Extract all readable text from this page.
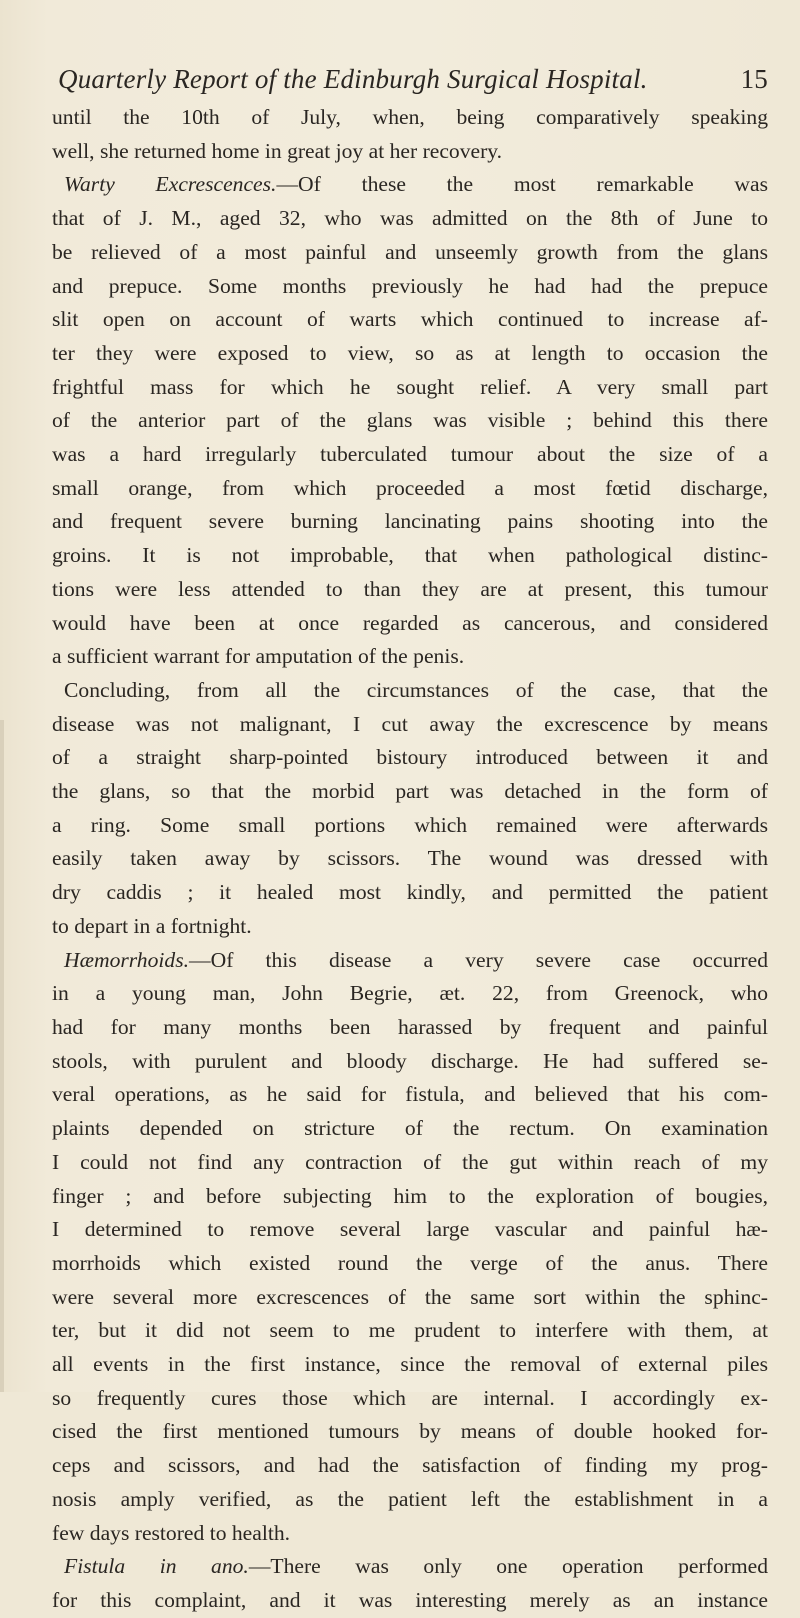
Quarterly Report of the Edinburgh Surgical Hospital.	15
until the 10th of July, when, being comparatively speaking
well, she returned home in great joy at her recovery.
Warty Excrescences.—Of these the most remarkable was
that of J. M., aged 32, who was admitted on the 8th of June to
be relieved of a most painful and unseemly growth from the glans
and prepuce. Some months previously he had had the prepuce
slit open on account of warts which continued to increase af-
ter they were exposed to view, so as at length to occasion the
frightful mass for which he sought relief. A very small part
of the anterior part of the glans was visible ; behind this there
was a hard irregularly tuberculated tumour about the size of a
small orange, from which proceeded a most fœtid discharge,
and frequent severe burning lancinating pains shooting into the
groins. It is not improbable, that when pathological distinc-
tions were less attended to than they are at present, this tumour
would have been at once regarded as cancerous, and considered
a sufficient warrant for amputation of the penis.
Concluding, from all the circumstances of the case, that the
disease was not malignant, I cut away the excrescence by means
of a straight sharp-pointed bistoury introduced between it and
the glans, so that the morbid part was detached in the form of
a ring. Some small portions which remained were afterwards
easily taken away by scissors. The wound was dressed with
dry caddis ; it healed most kindly, and permitted the patient
to depart in a fortnight.
Hæmorrhoids.—Of this disease a very severe case occurred
in a young man, John Begrie, æt. 22, from Greenock, who
had for many months been harassed by frequent and painful
stools, with purulent and bloody discharge. He had suffered se-
veral operations, as he said for fistula, and believed that his com-
plaints depended on stricture of the rectum. On examination
I could not find any contraction of the gut within reach of my
finger ; and before subjecting him to the exploration of bougies,
I determined to remove several large vascular and painful hæ-
morrhoids which existed round the verge of the anus. There
were several more excrescences of the same sort within the sphinc-
ter, but it did not seem to me prudent to interfere with them, at
all events in the first instance, since the removal of external piles
so frequently cures those which are internal. I accordingly ex-
cised the first mentioned tumours by means of double hooked for-
ceps and scissors, and had the satisfaction of finding my prog-
nosis amply verified, as the patient left the establishment in a
few days restored to health.
Fistula in ano.—There was only one operation performed
for this complaint, and it was interesting merely as an instance
